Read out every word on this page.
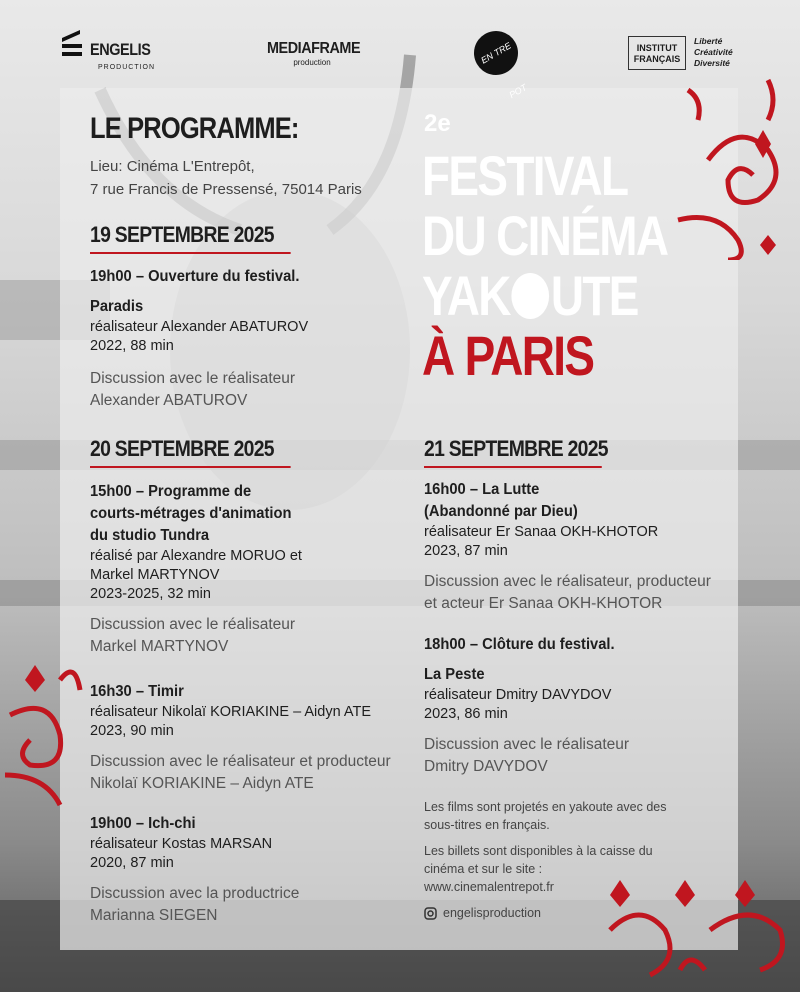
ENGELIS
PRODUCTION
MEDIAFRAME
production	EN TRE POT
INSTITUT
FRANÇAIS
Liberté
Créativité
Diversité
LE PROGRAMME:
Lieu: Cinéma L'Entrepôt,
7 rue Francis de Pressensé, 75014 Paris
19 SEPTEMBRE 2025
19h00 – Ouverture du festival.
Paradis
réalisateur Alexander ABATUROV
2022, 88 min
Discussion avec le réalisateur
Alexander ABATUROV
20 SEPTEMBRE 2025
15h00 – Programme de
courts-métrages d'animation
du studio Tundra
réalisé par Alexandre MORUO et
Markel MARTYNOV
2023-2025, 32 min
Discussion avec le réalisateur
Markel MARTYNOV
16h30 – Timir
réalisateur Nikolaï KORIAKINE – Aidyn ATE
2023, 90 min
Discussion avec le réalisateur et producteur
Nikolaï KORIAKINE – Aidyn ATE
19h00 – Ich-chi
réalisateur Kostas MARSAN
2020, 87 min
Discussion avec la productrice
Marianna SIEGEN
2e
FESTIVAL
DU CINÉMA
YAK UTE
À PARIS
21 SEPTEMBRE 2025
16h00 – La Lutte
(Abandonné par Dieu)
réalisateur Er Sanaa OKH-KHOTOR
2023, 87 min
Discussion avec le réalisateur, producteur
et acteur Er Sanaa OKH-KHOTOR
18h00 – Clôture du festival.
La Peste
réalisateur Dmitry DAVYDOV
2023, 86 min
Discussion avec le réalisateur
Dmitry DAVYDOV
Les films sont projetés en yakoute avec des
sous-titres en français.
Les billets sont disponibles à la caisse du
cinéma et sur le site :
www.cinemalentrepot.fr
engelisproduction
